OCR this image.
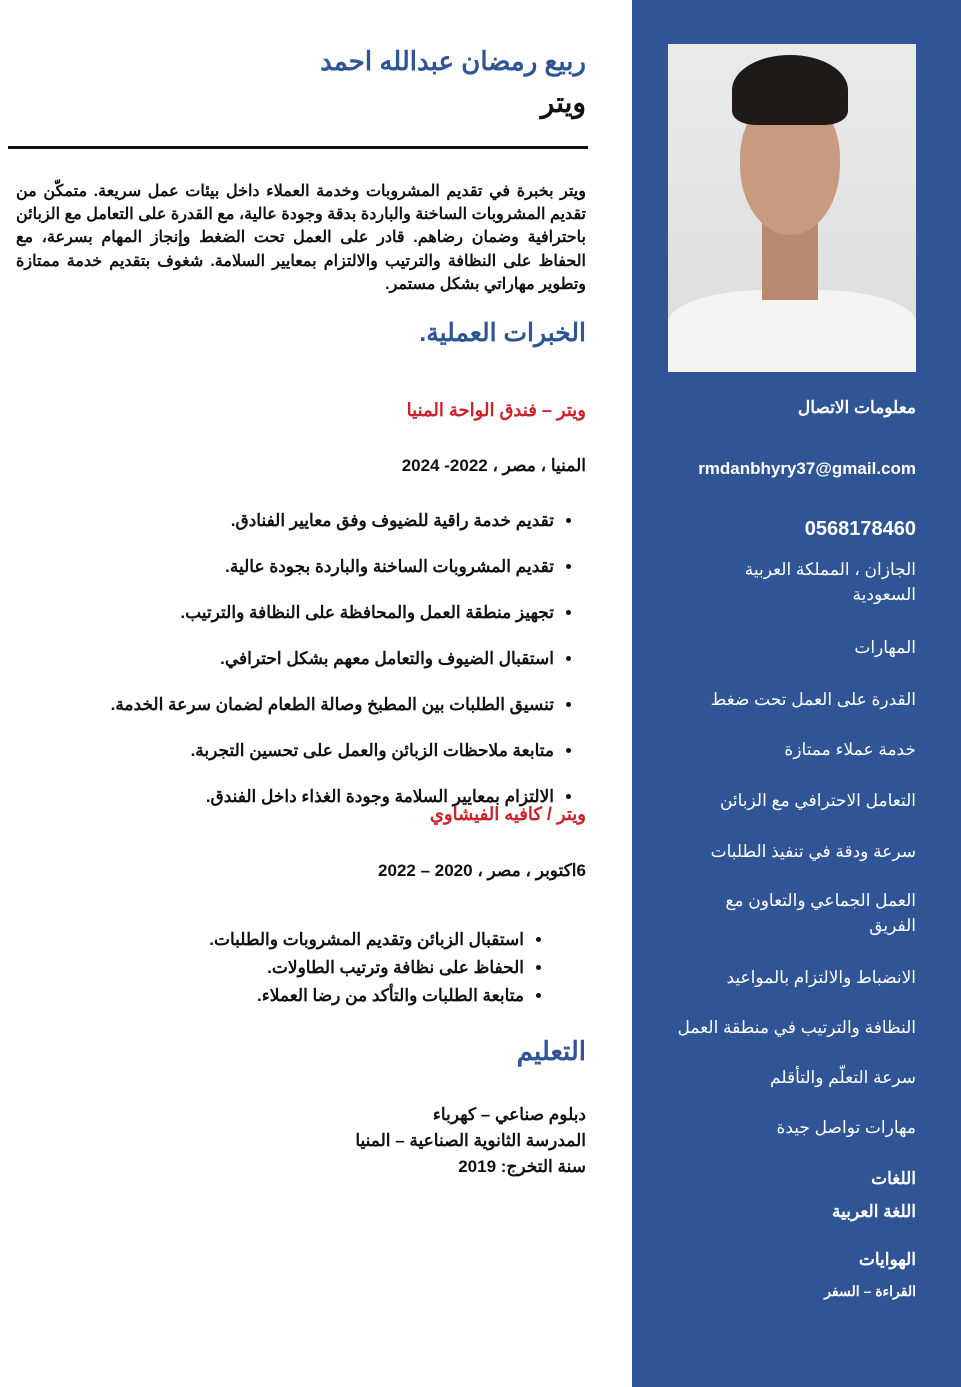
معلومات الاتصال
rmdanbhyry37@gmail.com
0568178460
الجازان ، المملكة العربية السعودية
المهارات
القدرة على العمل تحت ضغط
خدمة عملاء ممتازة
التعامل الاحترافي مع الزبائن
سرعة ودقة في تنفيذ الطلبات
العمل الجماعي والتعاون مع الفريق
الانضباط والالتزام بالمواعيد
النظافة والترتيب في منطقة العمل
سرعة التعلّم والتأقلم
مهارات تواصل جيدة
اللغات
اللغة العربية
الهوايات
القراءة – السفر
ربيع رمضان عبدالله احمد
ويتر
ويتر بخبرة في تقديم المشروبات وخدمة العملاء داخل بيئات عمل سريعة. متمكّن من تقديم المشروبات الساخنة والباردة بدقة وجودة عالية، مع القدرة على التعامل مع الزبائن باحترافية وضمان رضاهم. قادر على العمل تحت الضغط وإنجاز المهام بسرعة، مع الحفاظ على النظافة والترتيب والالتزام بمعايير السلامة. شغوف بتقديم خدمة ممتازة وتطوير مهاراتي بشكل مستمر.
الخبرات العملية.
ويتر – فندق الواحة المنيا
المنيا ، مصر ، 2022- 2024
• تقديم خدمة راقية للضيوف وفق معايير الفنادق.
• تقديم المشروبات الساخنة والباردة بجودة عالية.
• تجهيز منطقة العمل والمحافظة على النظافة والترتيب.
• استقبال الضيوف والتعامل معهم بشكل احترافي.
• تنسيق الطلبات بين المطبخ وصالة الطعام لضمان سرعة الخدمة.
• متابعة ملاحظات الزبائن والعمل على تحسين التجربة.
• الالتزام بمعايير السلامة وجودة الغذاء داخل الفندق.
ويتر / كافيه الفيشاوي
6اكتوبر ، مصر ، 2020 – 2022
• استقبال الزبائن وتقديم المشروبات والطلبات.
• الحفاظ على نظافة وترتيب الطاولات.
• متابعة الطلبات والتأكد من رضا العملاء.
التعليم
دبلوم صناعي – كهرباء
المدرسة الثانوية الصناعية – المنيا
سنة التخرج: 2019
